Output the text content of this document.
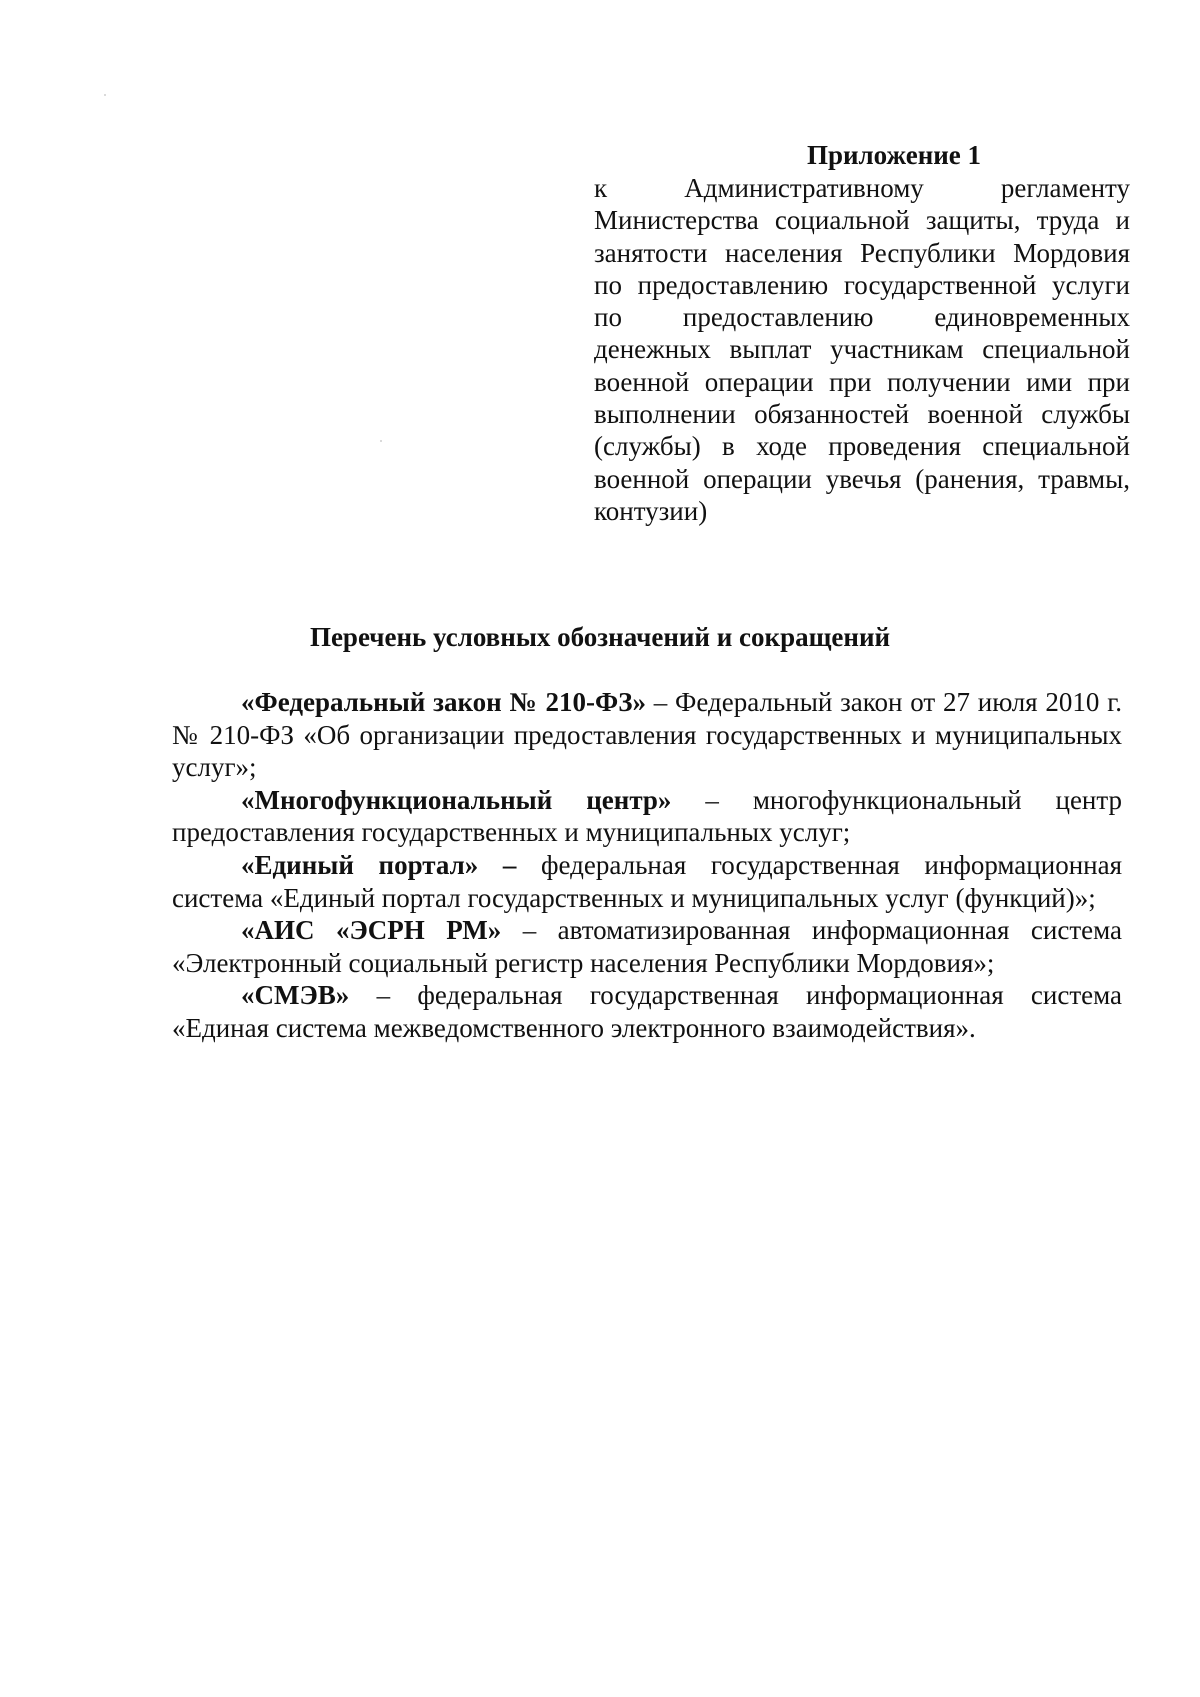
Приложение 1

к Административному регламенту Министерства социальной защиты, труда и занятости населения Республики Мордовия по предоставлению государственной услуги по предоставлению единовременных денежных выплат участникам специальной военной операции при получении ими при выполнении обязанностей военной службы (службы) в ходе проведения специальной военной операции увечья (ранения, травмы, контузии)

Перечень условных обозначений и сокращений

«Федеральный закон № 210-ФЗ» – Федеральный закон от 27 июля 2010 г. № 210-ФЗ «Об организации предоставления государственных и муниципальных услуг»;

«Многофункциональный центр» – многофункциональный центр предоставления государственных и муниципальных услуг;

«Единый портал» – федеральная государственная информационная система «Единый портал государственных и муниципальных услуг (функций)»;

«АИС «ЭСРН РМ» – автоматизированная информационная система «Электронный социальный регистр населения Республики Мордовия»;

«СМЭВ» – федеральная государственная информационная система «Единая система межведомственного электронного взаимодействия».
